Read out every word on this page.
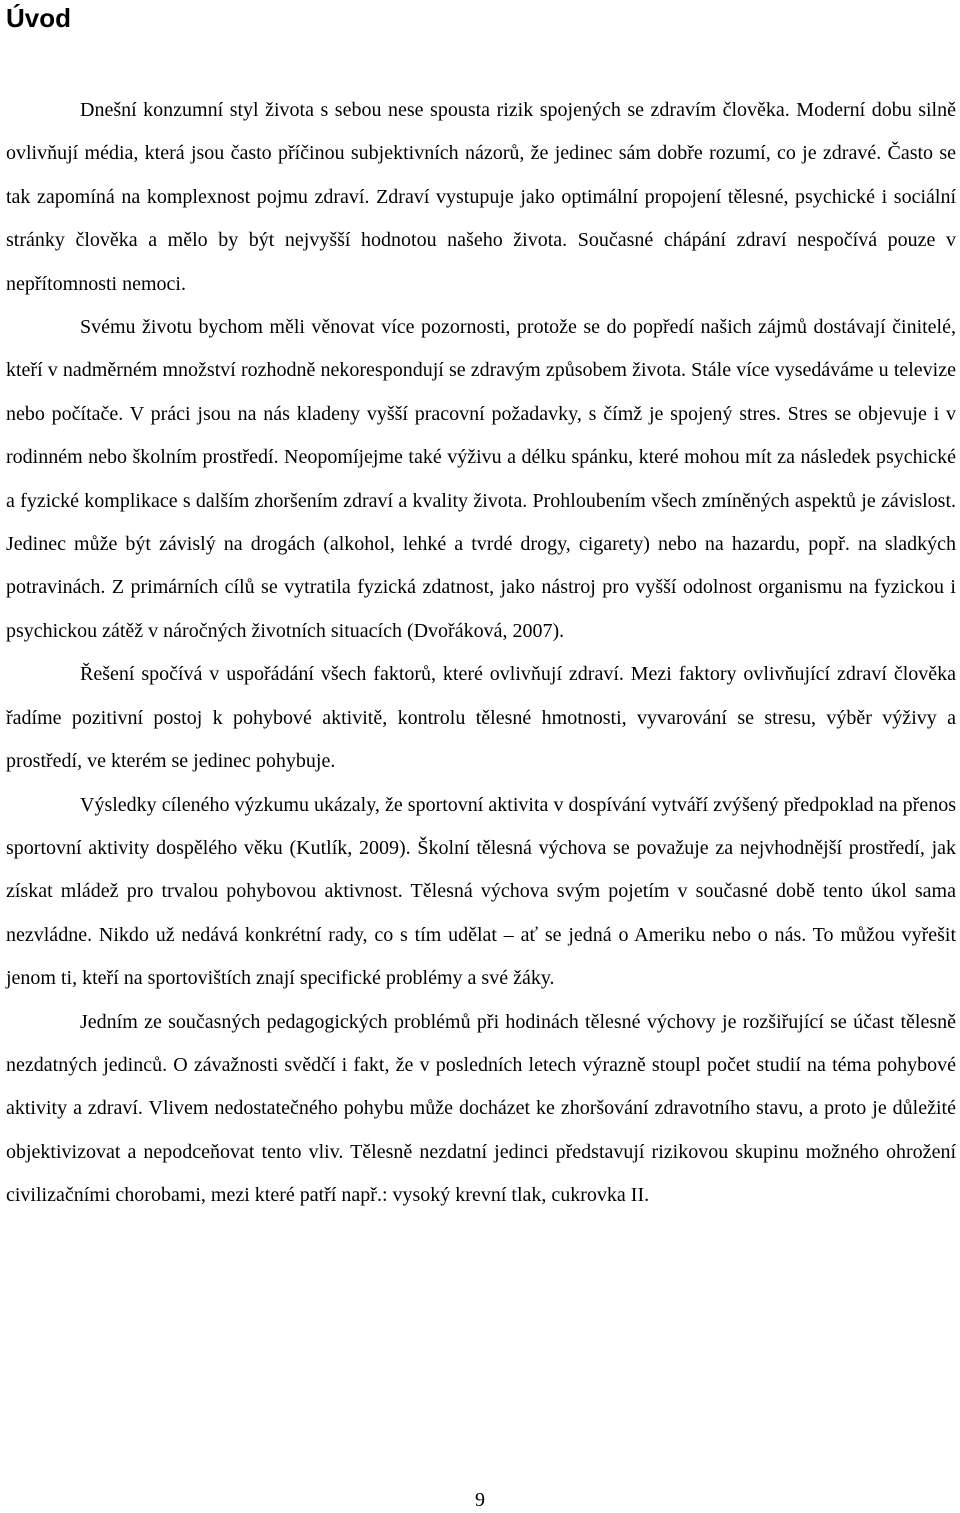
Úvod

Dnešní konzumní styl života s sebou nese spousta rizik spojených se zdravím člověka. Moderní dobu silně ovlivňují média, která jsou často příčinou subjektivních názorů, že jedinec sám dobře rozumí, co je zdravé. Často se tak zapomíná na komplexnost pojmu zdraví. Zdraví vystupuje jako optimální propojení tělesné, psychické i sociální stránky člověka a mělo by být nejvyšší hodnotou našeho života. Současné chápání zdraví nespočívá pouze v nepřítomnosti nemoci.

Svému životu bychom měli věnovat více pozornosti, protože se do popředí našich zájmů dostávají činitelé, kteří v nadměrném množství rozhodně nekorespondují se zdravým způsobem života. Stále více vysedáváme u televize nebo počítače. V práci jsou na nás kladeny vyšší pracovní požadavky, s čímž je spojený stres. Stres se objevuje i v rodinném nebo školním prostředí. Neopomíjejme také výživu a délku spánku, které mohou mít za následek psychické a fyzické komplikace s dalším zhoršením zdraví a kvality života. Prohloubením všech zmíněných aspektů je závislost. Jedinec může být závislý na drogách (alkohol, lehké a tvrdé drogy, cigarety) nebo na hazardu, popř. na sladkých potravinách. Z primárních cílů se vytratila fyzická zdatnost, jako nástroj pro vyšší odolnost organismu na fyzickou i psychickou zátěž v náročných životních situacích (Dvořáková, 2007).

Řešení spočívá v uspořádání všech faktorů, které ovlivňují zdraví. Mezi faktory ovlivňující zdraví člověka řadíme pozitivní postoj k pohybové aktivitě, kontrolu tělesné hmotnosti, vyvarování se stresu, výběr výživy a prostředí, ve kterém se jedinec pohybuje.

Výsledky cíleného výzkumu ukázaly, že sportovní aktivita v dospívání vytváří zvýšený předpoklad na přenos sportovní aktivity dospělého věku (Kutlík, 2009). Školní tělesná výchova se považuje za nejvhodnější prostředí, jak získat mládež pro trvalou pohybovou aktivnost. Tělesná výchova svým pojetím v současné době tento úkol sama nezvládne. Nikdo už nedává konkrétní rady, co s tím udělat – ať se jedná o Ameriku nebo o nás. To můžou vyřešit jenom ti, kteří na sportovištích znají specifické problémy a své žáky.

Jedním ze současných pedagogických problémů při hodinách tělesné výchovy je rozšiřující se účast tělesně nezdatných jedinců. O závažnosti svědčí i fakt, že v posledních letech výrazně stoupl počet studií na téma pohybové aktivity a zdraví. Vlivem nedostatečného pohybu může docházet ke zhoršování zdravotního stavu, a proto je důležité objektivizovat a nepodceňovat tento vliv. Tělesně nezdatní jedinci představují rizikovou skupinu možného ohrožení civilizačními chorobami, mezi které patří např.: vysoký krevní tlak, cukrovka II.

9
